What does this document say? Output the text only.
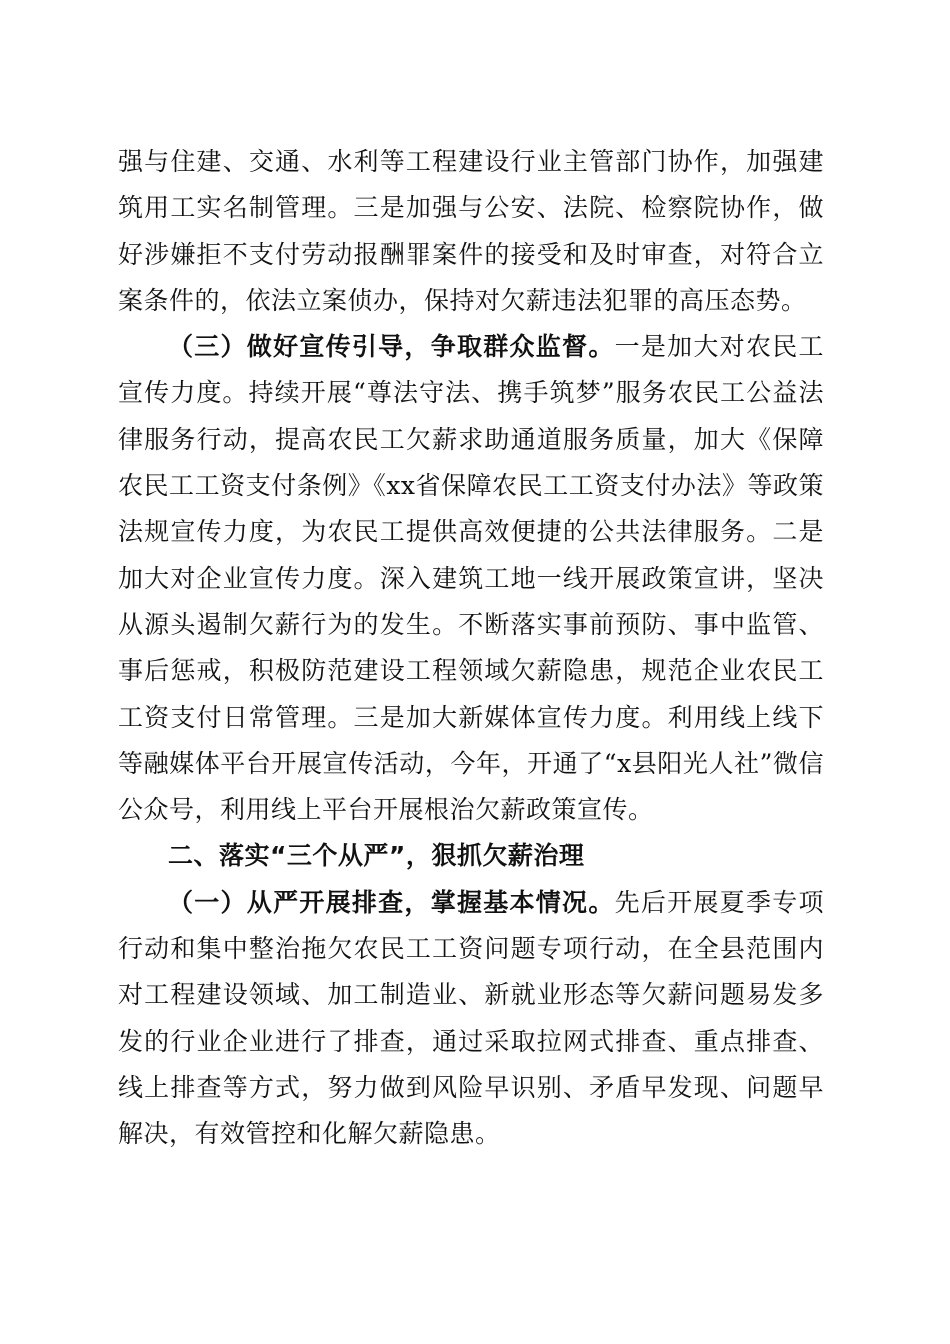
强与住建、交通、水利等工程建设行业主管部门协作，加强建筑用工实名制管理。三是加强与公安、法院、检察院协作，做好涉嫌拒不支付劳动报酬罪案件的接受和及时审查，对符合立案条件的，依法立案侦办，保持对欠薪违法犯罪的高压态势。

（三）做好宣传引导，争取群众监督。一是加大对农民工宣传力度。持续开展“尊法守法、携手筑梦”服务农民工公益法律服务行动，提高农民工欠薪求助通道服务质量，加大《保障农民工工资支付条例》《xx省保障农民工工资支付办法》等政策法规宣传力度，为农民工提供高效便捷的公共法律服务。二是加大对企业宣传力度。深入建筑工地一线开展政策宣讲，坚决从源头遏制欠薪行为的发生。不断落实事前预防、事中监管、事后惩戒，积极防范建设工程领域欠薪隐患，规范企业农民工工资支付日常管理。三是加大新媒体宣传力度。利用线上线下等融媒体平台开展宣传活动，今年，开通了“x县阳光人社”微信公众号，利用线上平台开展根治欠薪政策宣传。

二、落实“三个从严”，狠抓欠薪治理

（一）从严开展排查，掌握基本情况。先后开展夏季专项行动和集中整治拖欠农民工工资问题专项行动，在全县范围内对工程建设领域、加工制造业、新就业形态等欠薪问题易发多发的行业企业进行了排查，通过采取拉网式排查、重点排查、线上排查等方式，努力做到风险早识别、矛盾早发现、问题早解决，有效管控和化解欠薪隐患。
